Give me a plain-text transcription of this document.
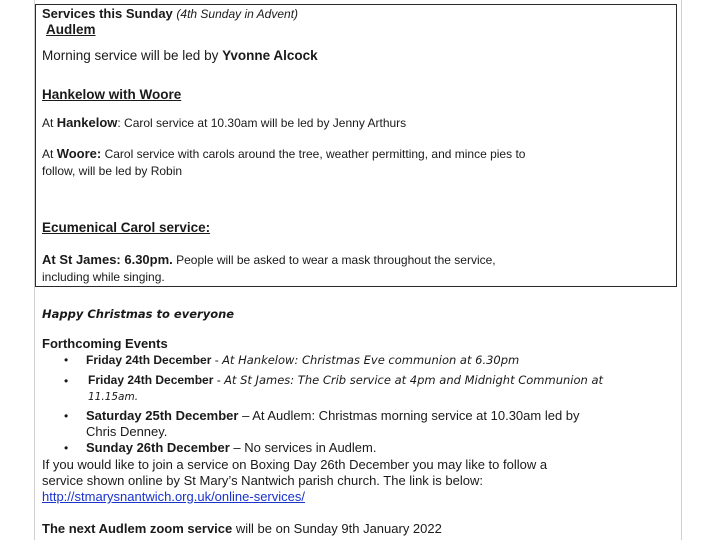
Services this Sunday (4th Sunday in Advent)
Audlem
Morning service will be led by Yvonne Alcock
Hankelow with Woore
At Hankelow: Carol service at 10.30am will be led by Jenny Arthurs
At Woore: Carol service with carols around the tree, weather permitting, and mince pies to
follow, will be led by Robin
Ecumenical Carol service:
At St James: 6.30pm. People will be asked to wear a mask throughout the service,
including while singing.
Happy Christmas to everyone
Forthcoming Events
• Friday 24th December - At Hankelow: Christmas Eve communion at 6.30pm
• Friday 24th December - At St James: The Crib service at 4pm and Midnight Communion at
11.15am.
• Saturday 25th December – At Audlem: Christmas morning service at 10.30am led by
Chris Denney.
• Sunday 26th December – No services in Audlem.
If you would like to join a service on Boxing Day 26th December you may like to follow a
service shown online by St Mary’s Nantwich parish church. The link is below:
http://stmarysnantwich.org.uk/online-services/
The next Audlem zoom service will be on Sunday 9th January 2022
